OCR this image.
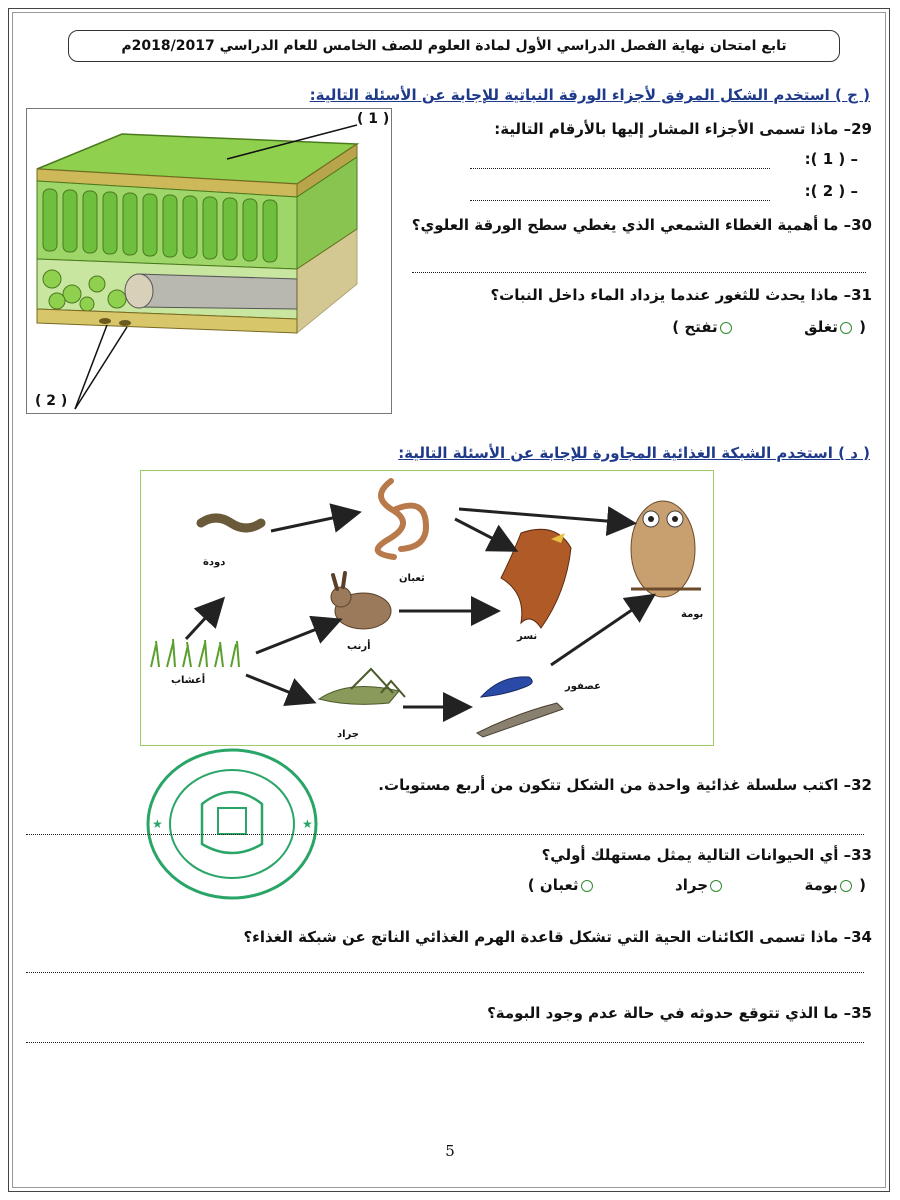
تابع امتحان نهاية الفصل الدراسي الأول لمادة العلوم للصف الخامس للعام الدراسي 2018/2017م
( ج ) استخدم الشكل المرفق لأجزاء الورقة النباتية للإجابة عن الأسئلة التالية:
( 1 )
( 2 )
29– ماذا تسمى الأجزاء المشار إليها بالأرقام التالية:
– ( 1 ):
– ( 2 ):
30– ما أهمية الغطاء الشمعي الذي يغطي سطح الورقة العلوي؟
31– ماذا يحدث للثغور عندما يزداد الماء داخل النبات؟
( تغلق  تفتح )
( د ) استخدم الشبكة الغذائية المجاورة للإجابة عن الأسئلة التالية:
دودة
ثعبان
بومة
أرنب
نسر
أعشاب
عصفور
جراد
★	★
32– اكتب سلسلة غذائية واحدة من الشكل تتكون من أربع مستويات.
33– أي الحيوانات التالية يمثل مستهلك أولي؟
( بومة  جراد  ثعبان )
34– ماذا تسمى الكائنات الحية التي تشكل قاعدة الهرم الغذائي الناتج عن شبكة الغذاء؟
35– ما الذي تتوقع حدوثه في حالة عدم وجود البومة؟
5
